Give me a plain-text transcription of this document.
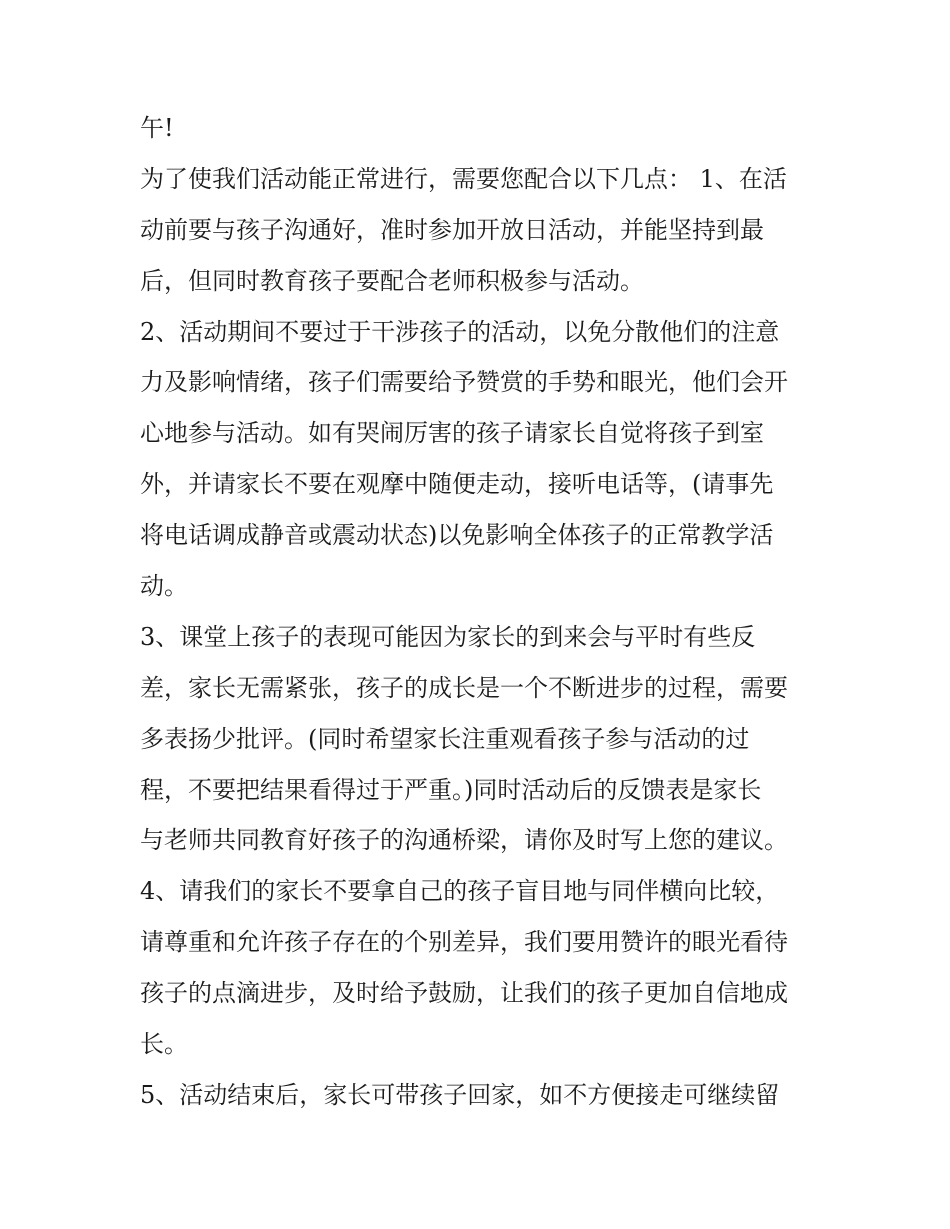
午!
为了使我们活动能正常进行，需要您配合以下几点： 1、在活
动前要与孩子沟通好，准时参加开放日活动，并能坚持到最
后，但同时教育孩子要配合老师积极参与活动。
2、活动期间不要过于干涉孩子的活动，以免分散他们的注意
力及影响情绪，孩子们需要给予赞赏的手势和眼光，他们会开
心地参与活动。如有哭闹厉害的孩子请家长自觉将孩子到室
外，并请家长不要在观摩中随便走动，接听电话等，(请事先
将电话调成静音或震动状态)以免影响全体孩子的正常教学活
动。
3、课堂上孩子的表现可能因为家长的到来会与平时有些反
差，家长无需紧张，孩子的成长是一个不断进步的过程，需要
多表扬少批评。(同时希望家长注重观看孩子参与活动的过
程，不要把结果看得过于严重。)同时活动后的反馈表是家长
与老师共同教育好孩子的沟通桥梁，请你及时写上您的建议。
4、请我们的家长不要拿自己的孩子盲目地与同伴横向比较，
请尊重和允许孩子存在的个别差异，我们要用赞许的眼光看待
孩子的点滴进步，及时给予鼓励，让我们的孩子更加自信地成
长。
5、活动结束后，家长可带孩子回家，如不方便接走可继续留
